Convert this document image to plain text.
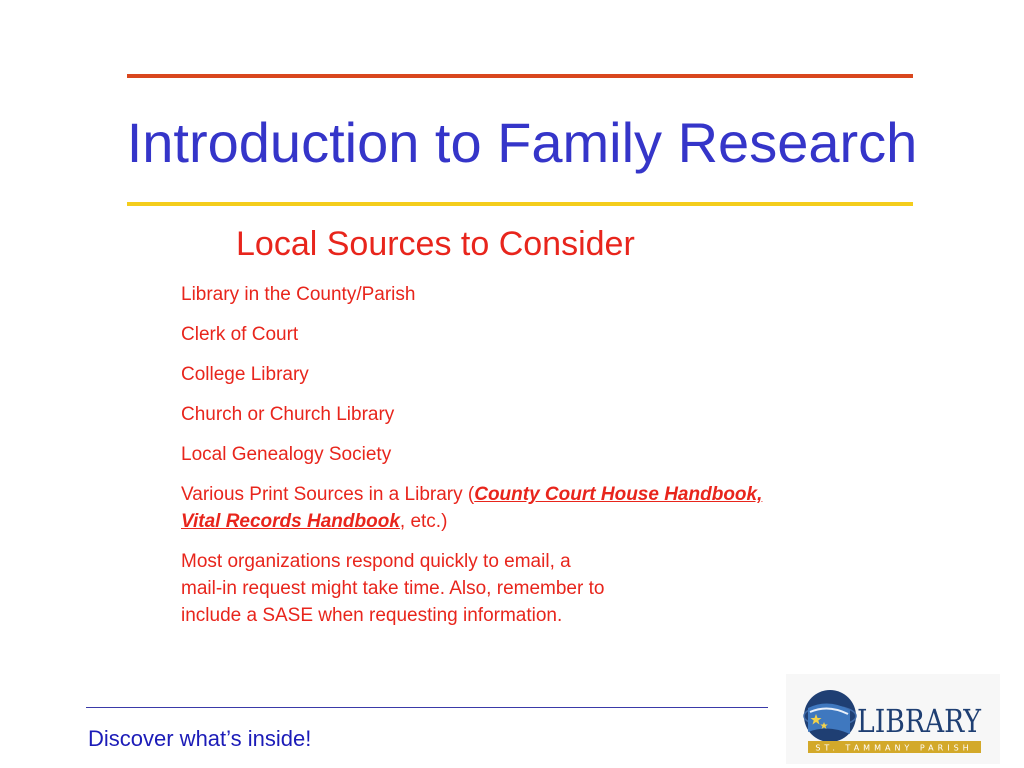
Introduction to Family Research
Local Sources to Consider
Library in the County/Parish
Clerk of Court
College Library
Church or Church Library
Local Genealogy Society
Various Print Sources in a Library (County Court House Handbook, Vital Records Handbook, etc.)
Most organizations respond quickly to email, a
mail-in request might take time. Also, remember to
include a SASE when requesting information.
Discover what’s inside!	LIBRARY
ST. TAMMANY PARISH
